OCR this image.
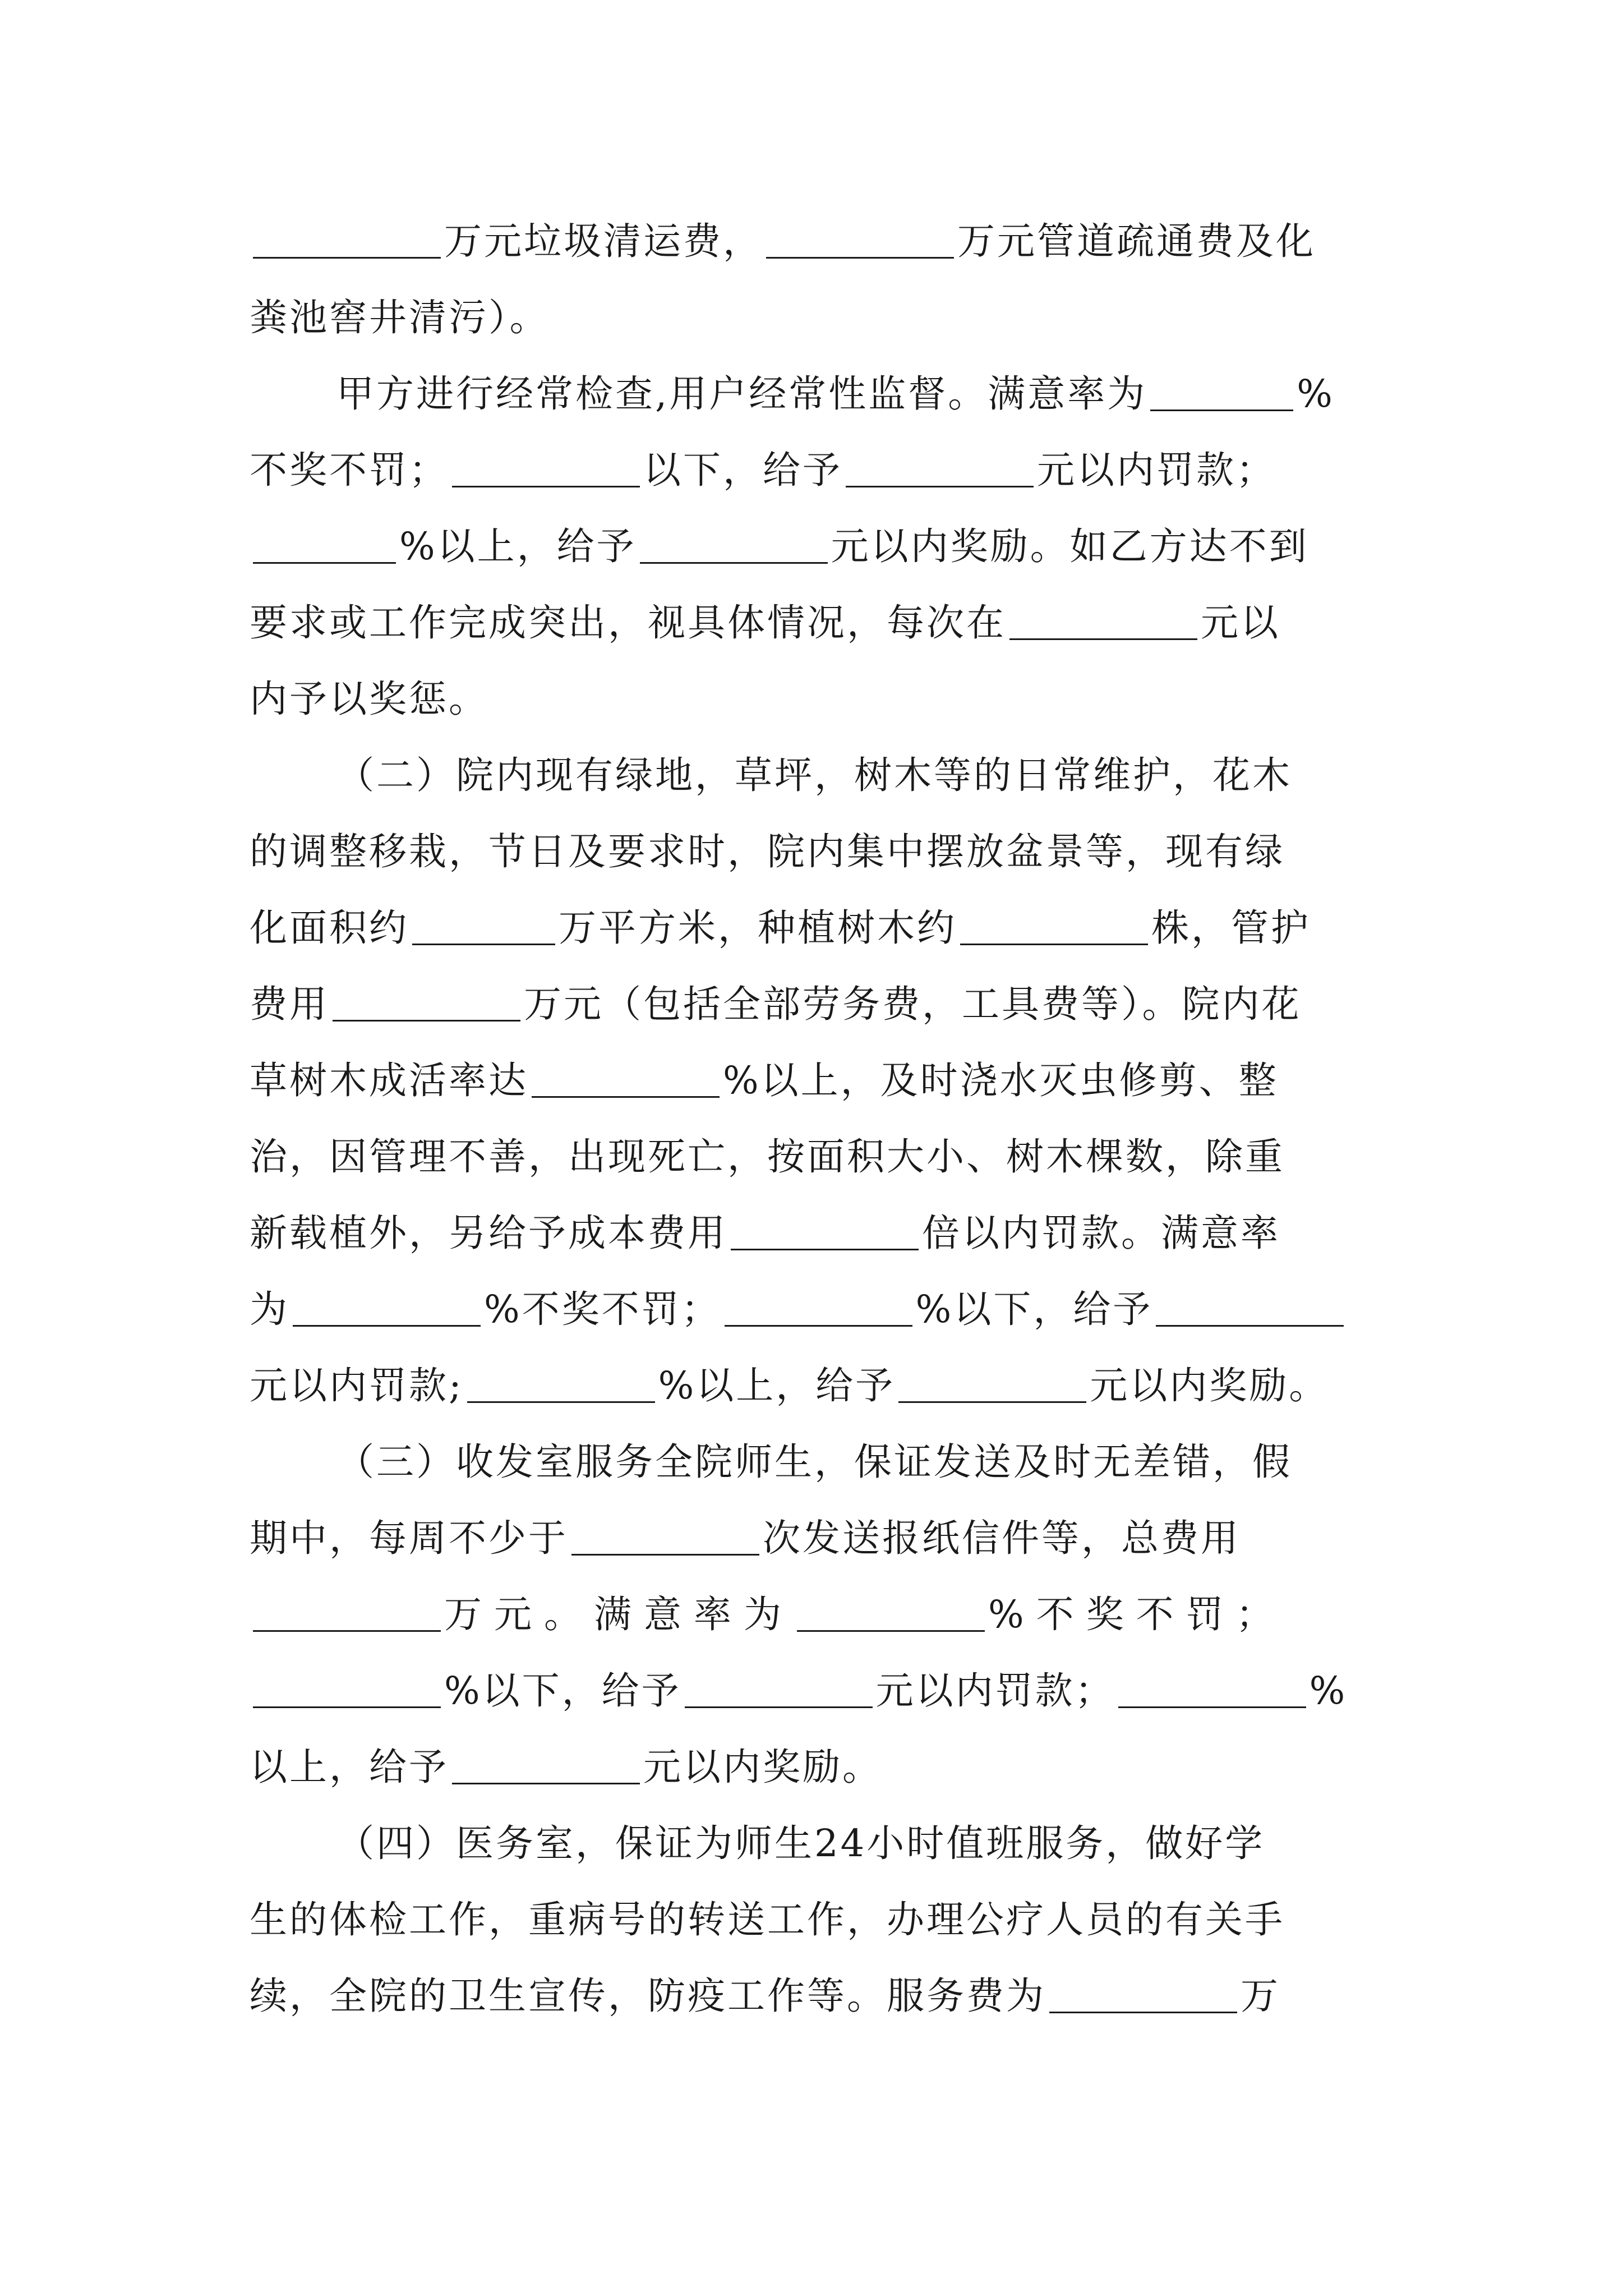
万元垃圾清运费，	万元管道疏通费及化
粪池窖井清污）。
甲方进行经常检查,用户经常性监督。满意率为	%
不奖不罚；	以下，给予	元以内罚款；
%以上，给予	元以内奖励。如乙方达不到
要求或工作完成突出，视具体情况，每次在	元以
内予以奖惩。
（二）院内现有绿地，草坪，树木等的日常维护，花木
的调整移栽，节日及要求时，院内集中摆放盆景等，现有绿
化面积约	万平方米，种植树木约	株，管护
费用	万元（包括全部劳务费，工具费等）。院内花
草树木成活率达	%以上，及时浇水灭虫修剪、整
治，因管理不善，出现死亡，按面积大小、树木棵数，除重
新载植外，另给予成本费用	倍以内罚款。满意率
为	%不奖不罚；	%以下，给予
元以内罚款;	%以上，给予	元以内奖励。
（三）收发室服务全院师生，保证发送及时无差错，假
期中，每周不少于	次发送报纸信件等，总费用
万元。满意率为	%不奖不罚；
%以下，给予	元以内罚款；	%
以上，给予	元以内奖励。
（四）医务室，保证为师生24小时值班服务，做好学
生的体检工作，重病号的转送工作，办理公疗人员的有关手
续，全院的卫生宣传，防疫工作等。服务费为	万
